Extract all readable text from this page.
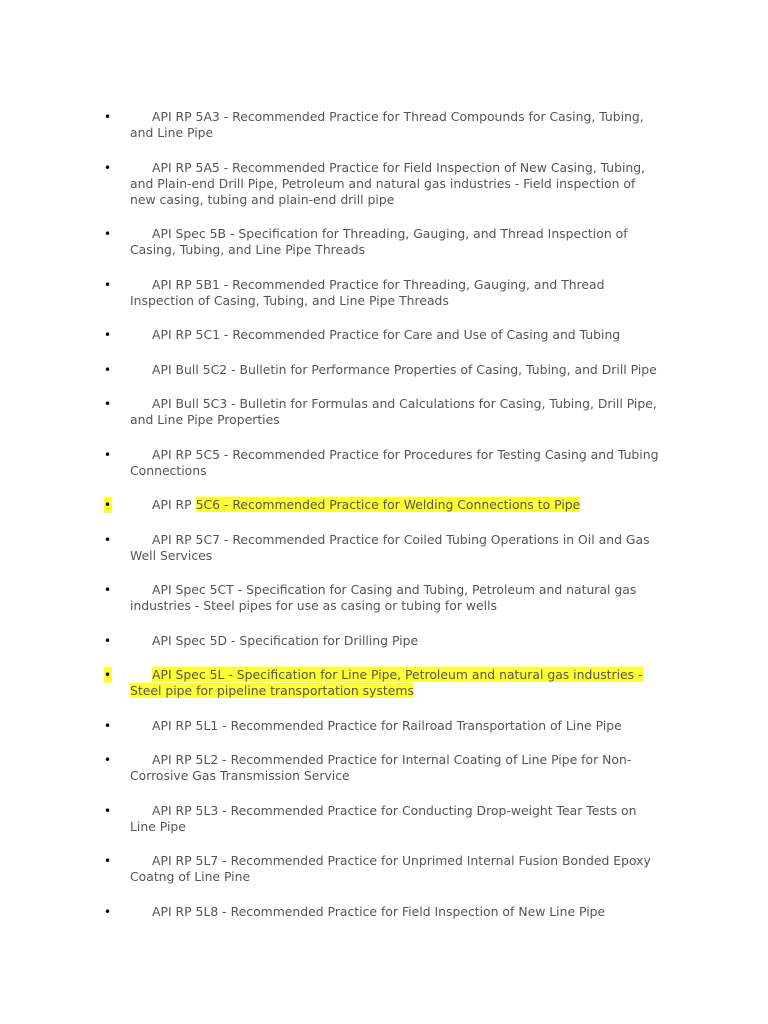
•	API RP 5A3 - Recommended Practice for Thread Compounds for Casing, Tubing, and Line Pipe
•	API RP 5A5 - Recommended Practice for Field Inspection of New Casing, Tubing, and Plain-end Drill Pipe, Petroleum and natural gas industries - Field inspection of new casing, tubing and plain-end drill pipe
•	API Spec 5B - Specification for Threading, Gauging, and Thread Inspection of Casing, Tubing, and Line Pipe Threads
•	API RP 5B1 - Recommended Practice for Threading, Gauging, and Thread Inspection of Casing, Tubing, and Line Pipe Threads
•	API RP 5C1 - Recommended Practice for Care and Use of Casing and Tubing
•	API Bull 5C2 - Bulletin for Performance Properties of Casing, Tubing, and Drill Pipe
•	API Bull 5C3 - Bulletin for Formulas and Calculations for Casing, Tubing, Drill Pipe, and Line Pipe Properties
•	API RP 5C5 - Recommended Practice for Procedures for Testing Casing and Tubing Connections
•	API RP 5C6 - Recommended Practice for Welding Connections to Pipe
•	API RP 5C7 - Recommended Practice for Coiled Tubing Operations in Oil and Gas Well Services
•	API Spec 5CT - Specification for Casing and Tubing, Petroleum and natural gas industries - Steel pipes for use as casing or tubing for wells
•	API Spec 5D - Specification for Drilling Pipe
•	API Spec 5L - Specification for Line Pipe, Petroleum and natural gas industries - Steel pipe for pipeline transportation systems
•	API RP 5L1 - Recommended Practice for Railroad Transportation of Line Pipe
•	API RP 5L2 - Recommended Practice for Internal Coating of Line Pipe for Non-Corrosive Gas Transmission Service
•	API RP 5L3 - Recommended Practice for Conducting Drop-weight Tear Tests on Line Pipe
•	API RP 5L7 - Recommended Practice for Unprimed Internal Fusion Bonded Epoxy Coatng of Line Pine
•	API RP 5L8 - Recommended Practice for Field Inspection of New Line Pipe
